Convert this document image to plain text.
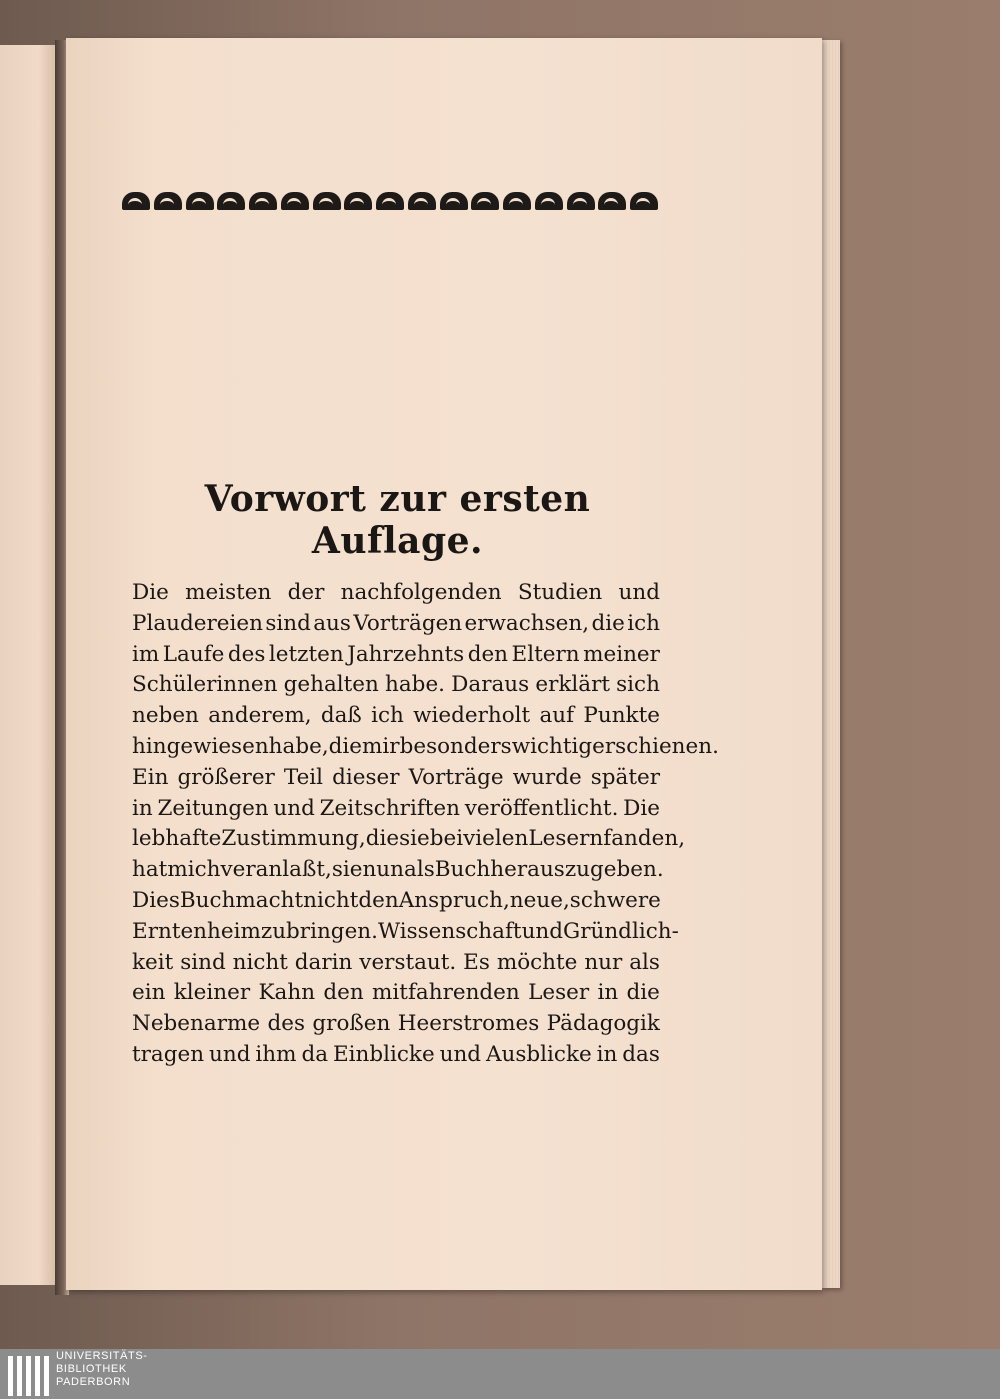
Vorwort zur ersten Auflage.
Die meisten der nachfolgenden Studien und
Plaudereien sind aus Vorträgen erwachsen, die ich
im Laufe des letzten Jahrzehnts den Eltern meiner
Schülerinnen gehalten habe. Daraus erklärt sich
neben anderem, daß ich wiederholt auf Punkte
hingewiesen habe, die mir besonders wichtig erschienen.
Ein größerer Teil dieser Vorträge wurde später
in Zeitungen und Zeitschriften veröffentlicht. Die
lebhafte Zustimmung, die sie bei vielen Lesern fanden,
hat mich veranlaßt, sie nun als Buch herauszugeben.
Dies Buch macht nicht den Anspruch, neue, schwere
Ernten heimzubringen. Wissenschaft und Gründlich-
keit sind nicht darin verstaut. Es möchte nur als
ein kleiner Kahn den mitfahrenden Leser in die
Nebenarme des großen Heerstromes Pädagogik
tragen und ihm da Einblicke und Ausblicke in das
UNIVERSITÄTS-
BIBLIOTHEK
PADERBORN
